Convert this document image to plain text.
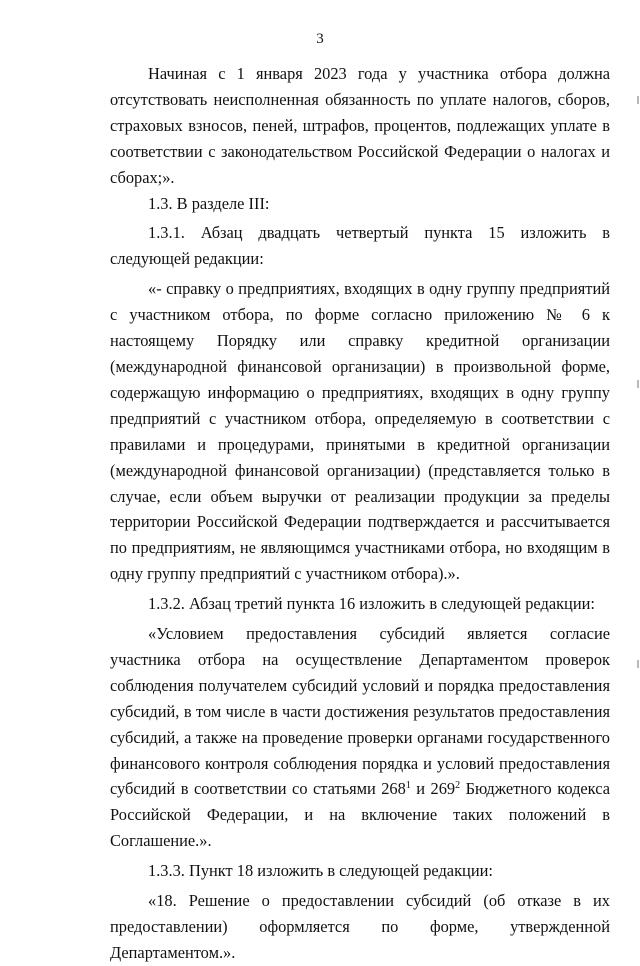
3

Начиная с 1 января 2023 года у участника отбора должна отсутствовать неисполненная обязанность по уплате налогов, сборов, страховых взносов, пеней, штрафов, процентов, подлежащих уплате в соответствии с законодательством Российской Федерации о налогах и сборах;».

1.3. В разделе III:

1.3.1. Абзац двадцать четвертый пункта 15 изложить в следующей редакции:

«- справку о предприятиях, входящих в одну группу предприятий с участником отбора, по форме согласно приложению № 6 к настоящему Порядку или справку кредитной организации (международной финансовой организации) в произвольной форме, содержащую информацию о предприятиях, входящих в одну группу предприятий с участником отбора, определяемую в соответствии с правилами и процедурами, принятыми в кредитной организации (международной финансовой организации) (представляется только в случае, если объем выручки от реализации продукции за пределы территории Российской Федерации подтверждается и рассчитывается по предприятиям, не являющимся участниками отбора, но входящим в одну группу предприятий с участником отбора).».

1.3.2. Абзац третий пункта 16 изложить в следующей редакции:

«Условием предоставления субсидий является согласие участника отбора на осуществление Департаментом проверок соблюдения получателем субсидий условий и порядка предоставления субсидий, в том числе в части достижения результатов предоставления субсидий, а также на проведение проверки органами государственного финансового контроля соблюдения порядка и условий предоставления субсидий в соответствии со статьями $268^1$ и $269^2$ Бюджетного кодекса Российской Федерации, и на включение таких положений в Соглашение.».

1.3.3. Пункт 18 изложить в следующей редакции:

«18. Решение о предоставлении субсидий (об отказе в их предоставлении) оформляется по форме, утвержденной Департаментом.».
